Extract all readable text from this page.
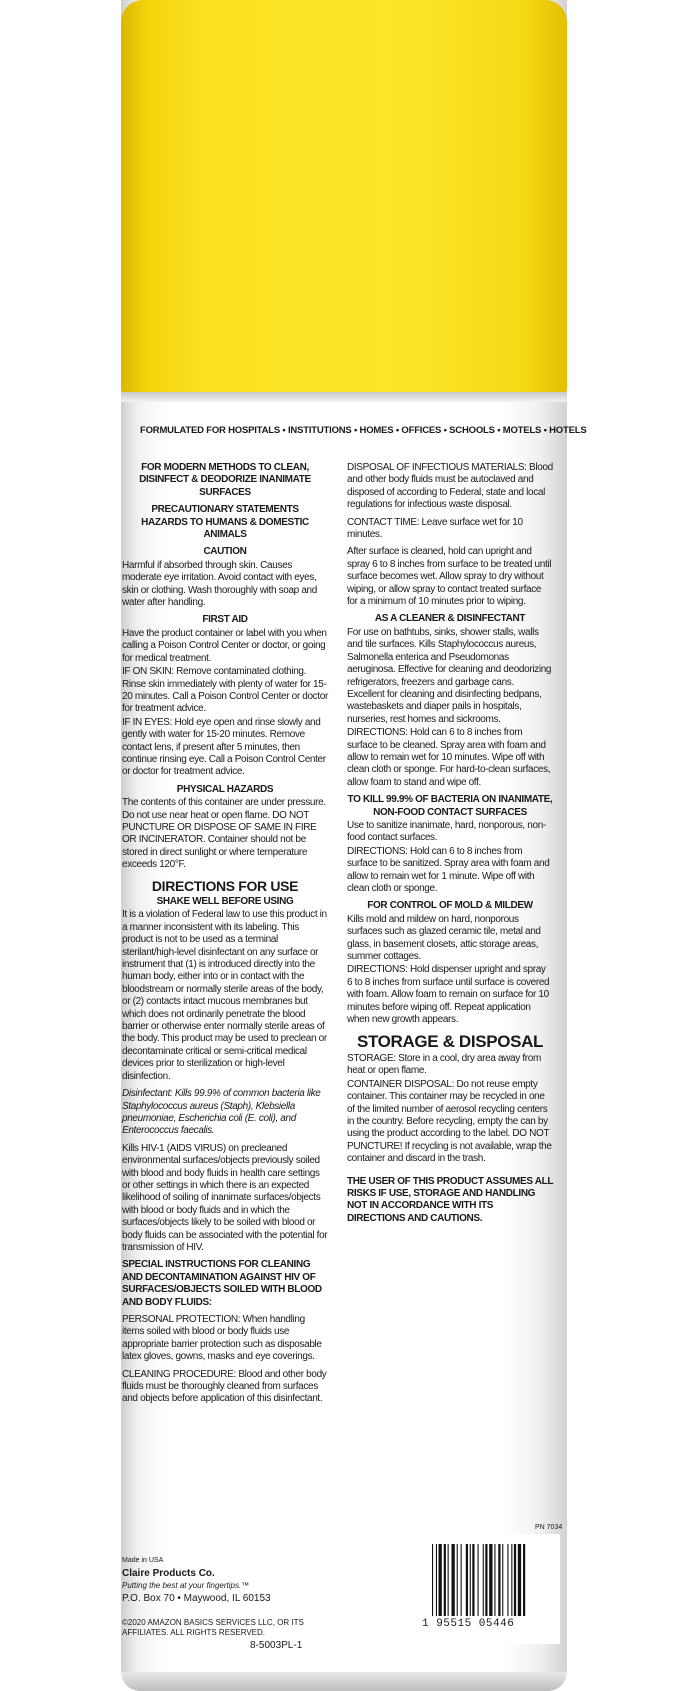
FORMULATED FOR HOSPITALS • INSTITUTIONS • HOMES • OFFICES • SCHOOLS • MOTELS • HOTELS

FOR MODERN METHODS TO CLEAN, DISINFECT & DEODORIZE INANIMATE SURFACES

PRECAUTIONARY STATEMENTS

HAZARDS TO HUMANS & DOMESTIC ANIMALS

CAUTION

Harmful if absorbed through skin. Causes moderate eye irritation. Avoid contact with eyes, skin or clothing. Wash thoroughly with soap and water after handling.

FIRST AID

Have the product container or label with you when calling a Poison Control Center or doctor, or going for medical treatment.

IF ON SKIN: Remove contaminated clothing. Rinse skin immediately with plenty of water for 15-20 minutes. Call a Poison Control Center or doctor for treatment advice.

IF IN EYES: Hold eye open and rinse slowly and gently with water for 15-20 minutes. Remove contact lens, if present after 5 minutes, then continue rinsing eye. Call a Poison Control Center or doctor for treatment advice.

PHYSICAL HAZARDS

The contents of this container are under pressure. Do not use near heat or open flame. DO NOT PUNCTURE OR DISPOSE OF SAME IN FIRE OR INCINERATOR. Container should not be stored in direct sunlight or where temperature exceeds 120°F.

DIRECTIONS FOR USE

SHAKE WELL BEFORE USING

It is a violation of Federal law to use this product in a manner inconsistent with its labeling. This product is not to be used as a terminal sterilant/high-level disinfectant on any surface or instrument that (1) is introduced directly into the human body, either into or in contact with the bloodstream or normally sterile areas of the body, or (2) contacts intact mucous membranes but which does not ordinarily penetrate the blood barrier or otherwise enter normally sterile areas of the body. This product may be used to preclean or decontaminate critical or semi-critical medical devices prior to sterilization or high-level disinfection.

Disinfectant: Kills 99.9% of common bacteria like Staphylococcus aureus (Staph), Klebsiella pneumoniae, Escherichia coli (E. coli), and Enterococcus faecalis.

Kills HIV-1 (AIDS VIRUS) on precleaned environmental surfaces/objects previously soiled with blood and body fluids in health care settings or other settings in which there is an expected likelihood of soiling of inanimate surfaces/objects with blood or body fluids and in which the surfaces/objects likely to be soiled with blood or body fluids can be associated with the potential for transmission of HIV.

SPECIAL INSTRUCTIONS FOR CLEANING AND DECONTAMINATION AGAINST HIV OF SURFACES/OBJECTS SOILED WITH BLOOD AND BODY FLUIDS:

PERSONAL PROTECTION: When handling items soiled with blood or body fluids use appropriate barrier protection such as disposable latex gloves, gowns, masks and eye coverings.

CLEANING PROCEDURE: Blood and other body fluids must be thoroughly cleaned from surfaces and objects before application of this disinfectant.

DISPOSAL OF INFECTIOUS MATERIALS: Blood and other body fluids must be autoclaved and disposed of according to Federal, state and local regulations for infectious waste disposal.

CONTACT TIME: Leave surface wet for 10 minutes.

After surface is cleaned, hold can upright and spray 6 to 8 inches from surface to be treated until surface becomes wet. Allow spray to dry without wiping, or allow spray to contact treated surface for a minimum of 10 minutes prior to wiping.

AS A CLEANER & DISINFECTANT

For use on bathtubs, sinks, shower stalls, walls and tile surfaces. Kills Staphylococcus aureus, Salmonella enterica and Pseudomonas aeruginosa. Effective for cleaning and deodorizing refrigerators, freezers and garbage cans. Excellent for cleaning and disinfecting bedpans, wastebaskets and diaper pails in hospitals, nurseries, rest homes and sickrooms.

DIRECTIONS: Hold can 6 to 8 inches from surface to be cleaned. Spray area with foam and allow to remain wet for 10 minutes. Wipe off with clean cloth or sponge. For hard-to-clean surfaces, allow foam to stand and wipe off.

TO KILL 99.9% OF BACTERIA ON INANIMATE, NON-FOOD CONTACT SURFACES

Use to sanitize inanimate, hard, nonporous, non-food contact surfaces.

DIRECTIONS: Hold can 6 to 8 inches from surface to be sanitized. Spray area with foam and allow to remain wet for 1 minute. Wipe off with clean cloth or sponge.

FOR CONTROL OF MOLD & MILDEW

Kills mold and mildew on hard, nonporous surfaces such as glazed ceramic tile, metal and glass, in basement closets, attic storage areas, summer cottages.

DIRECTIONS: Hold dispenser upright and spray 6 to 8 inches from surface until surface is covered with foam. Allow foam to remain on surface for 10 minutes before wiping off. Repeat application when new growth appears.

STORAGE & DISPOSAL

STORAGE: Store in a cool, dry area away from heat or open flame.

CONTAINER DISPOSAL: Do not reuse empty container. This container may be recycled in one of the limited number of aerosol recycling centers in the country. Before recycling, empty the can by using the product according to the label. DO NOT PUNCTURE! If recycling is not available, wrap the container and discard in the trash.

THE USER OF THIS PRODUCT ASSUMES ALL RISKS IF USE, STORAGE AND HANDLING NOT IN ACCORDANCE WITH ITS DIRECTIONS AND CAUTIONS.

Made in USA
Claire Products Co.
Putting the best at your fingertips.™
P.O. Box 70 • Maywood, IL 60153
©2020 AMAZON BASICS SERVICES LLC, OR ITS AFFILIATES. ALL RIGHTS RESERVED.
8-5003PL-1
PN 7034
1 95515 05446
